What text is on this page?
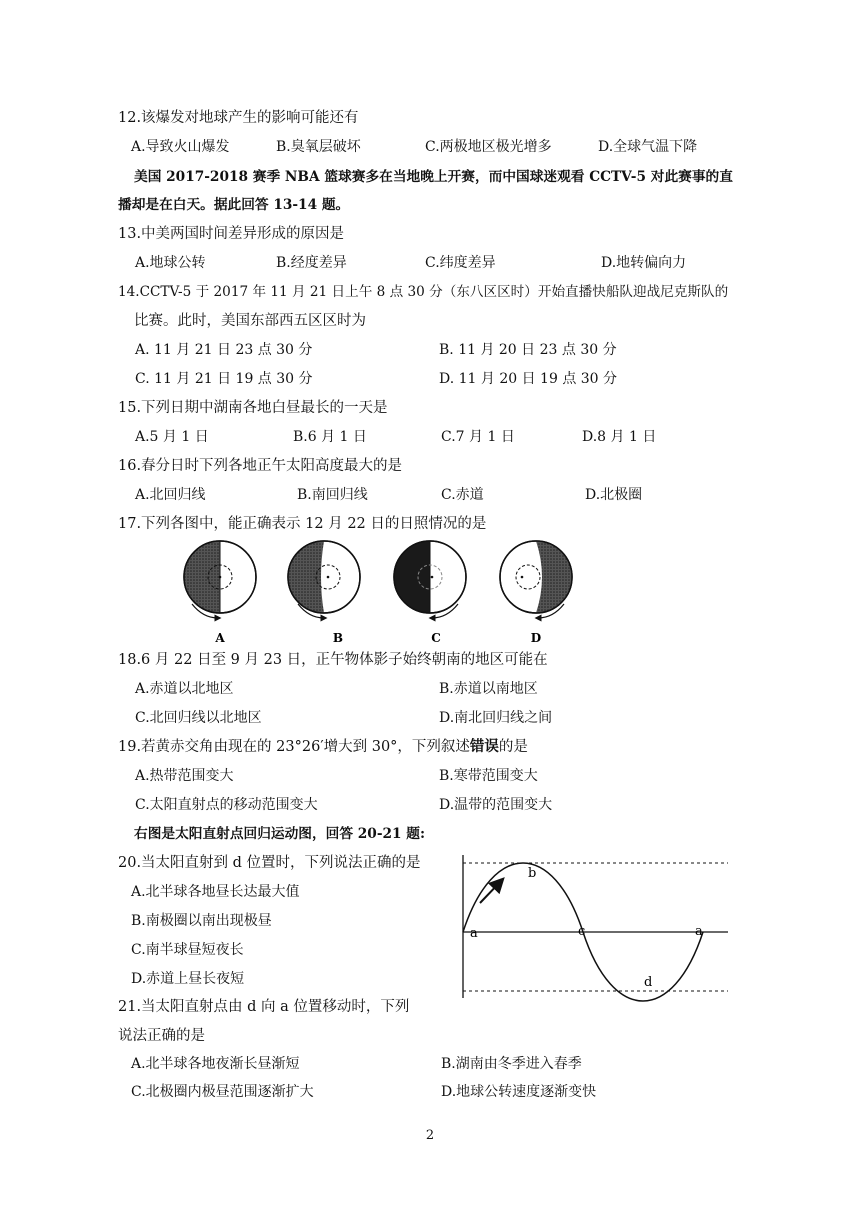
12.该爆发对地球产生的影响可能还有
A.导致火山爆发	B.臭氧层破坏	C.两极地区极光增多	D.全球气温下降
美国 2017-2018 赛季 NBA 篮球赛多在当地晚上开赛，而中国球迷观看 CCTV-5 对此赛事的直
播却是在白天。据此回答 13-14 题。
13.中美两国时间差异形成的原因是
A.地球公转	B.经度差异	C.纬度差异	D.地转偏向力
14.CCTV-5 于 2017 年 11 月 21 日上午 8 点 30 分（东八区区时）开始直播快船队迎战尼克斯队的
比赛。此时，美国东部西五区区时为
A. 11 月 21 日 23 点 30 分	B. 11 月 20 日 23 点 30 分
C. 11 月 21 日 19 点 30 分	D. 11 月 20 日 19 点 30 分
15.下列日期中湖南各地白昼最长的一天是
A.5 月 1 日	B.6 月 1 日	C.7 月 1 日	D.8 月 1 日
16.春分日时下列各地正午太阳高度最大的是
A.北回归线	B.南回归线	C.赤道	D.北极圈
17.下列各图中，能正确表示 12 月 22 日的日照情况的是
A	B	C	D
18.6 月 22 日至 9 月 23 日，正午物体影子始终朝南的地区可能在
A.赤道以北地区	B.赤道以南地区
C.北回归线以北地区	D.南北回归线之间
19.若黄赤交角由现在的 23°26′增大到 30°，下列叙述错误的是
A.热带范围变大	B.寒带范围变大
C.太阳直射点的移动范围变大	D.温带的范围变大
右图是太阳直射点回归运动图，回答 20-21 题:
20.当太阳直射到 d 位置时，下列说法正确的是
A.北半球各地昼长达最大值
B.南极圈以南出现极昼
C.南半球昼短夜长
D.赤道上昼长夜短
21.当太阳直射点由 d 向 a 位置移动时，下列
说法正确的是
A.北半球各地夜渐长昼渐短	B.湖南由冬季进入春季
C.北极圈内极昼范围逐渐扩大	D.地球公转速度逐渐变快
a
b
c	a
d
2
